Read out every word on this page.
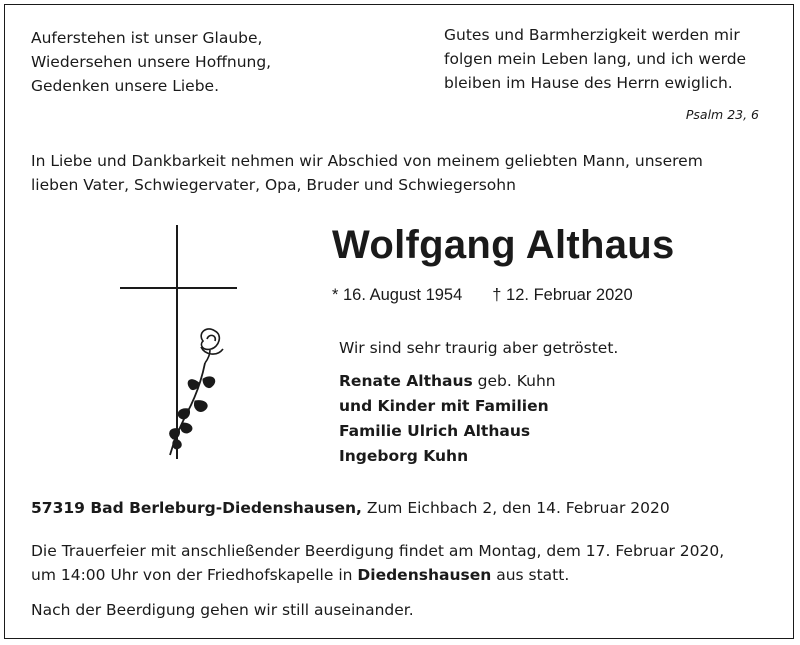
Auferstehen ist unser Glaube,
Wiedersehen unsere Hoffnung,
Gedenken unsere Liebe.
Gutes und Barmherzigkeit werden mir
folgen mein Leben lang, und ich werde
bleiben im Hause des Herrn ewiglich.
Psalm 23, 6
In Liebe und Dankbarkeit nehmen wir Abschied von meinem geliebten Mann, unserem
lieben Vater, Schwiegervater, Opa, Bruder und Schwiegersohn
Wolfgang Althaus
* 16. August 1954 † 12. Februar 2020
Wir sind sehr traurig aber getröstet.
Renate Althaus geb. Kuhn
und Kinder mit Familien
Familie Ulrich Althaus
Ingeborg Kuhn
57319 Bad Berleburg-Diedenshausen, Zum Eichbach 2, den 14. Februar 2020
Die Trauerfeier mit anschließender Beerdigung findet am Montag, dem 17. Februar 2020,
um 14:00 Uhr von der Friedhofskapelle in Diedenshausen aus statt.
Nach der Beerdigung gehen wir still auseinander.
